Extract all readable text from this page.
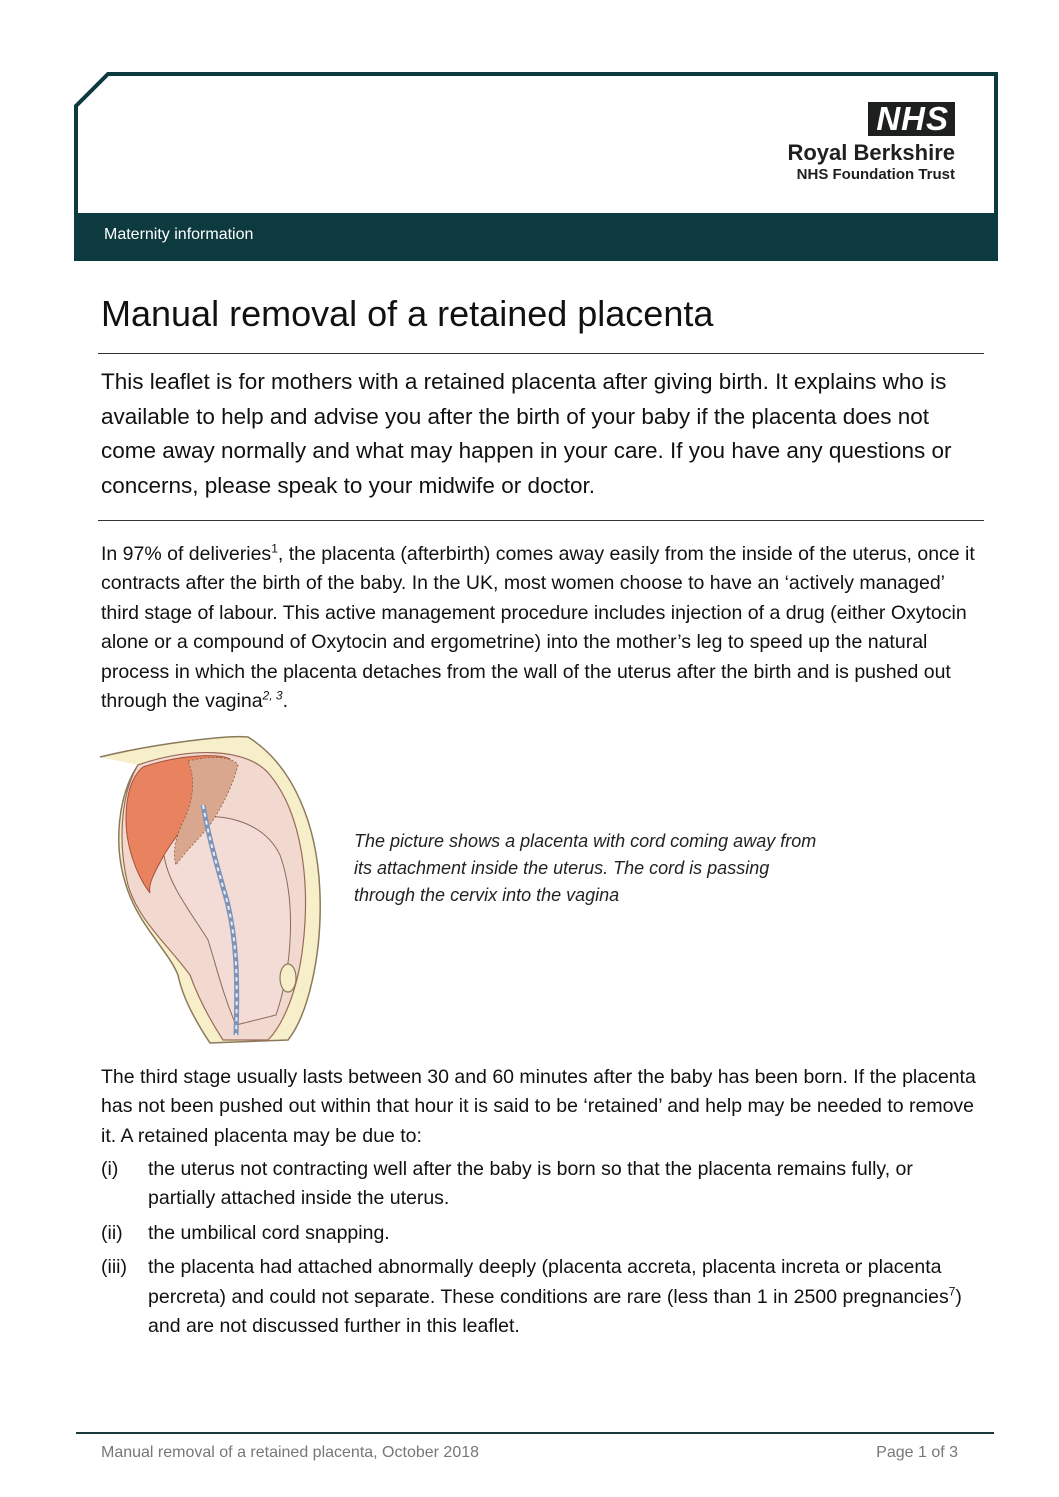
NHS
Royal Berkshire
NHS Foundation Trust
Maternity information
Manual removal of a retained placenta

This leaflet is for mothers with a retained placenta after giving birth. It explains who is available to help and advise you after the birth of your baby if the placenta does not come away normally and what may happen in your care. If you have any questions or concerns, please speak to your midwife or doctor.

In 97% of deliveries$^1$, the placenta (afterbirth) comes away easily from the inside of the uterus, once it contracts after the birth of the baby. In the UK, most women choose to have an ‘actively managed’ third stage of labour. This active management procedure includes injection of a drug (either Oxytocin alone or a compound of Oxytocin and ergometrine) into the mother’s leg to speed up the natural process in which the placenta detaches from the wall of the uterus after the birth and is pushed out through the vagina$^{2, 3}$.

The picture shows a placenta with cord coming away from its attachment inside the uterus. The cord is passing through the cervix into the vagina

The third stage usually lasts between 30 and 60 minutes after the baby has been born. If the placenta has not been pushed out within that hour it is said to be ‘retained’ and help may be needed to remove it. A retained placenta may be due to:

(i) the uterus not contracting well after the baby is born so that the placenta remains fully, or partially attached inside the uterus.
(ii) the umbilical cord snapping.
(iii) the placenta had attached abnormally deeply (placenta accreta, placenta increta or placenta percreta) and could not separate. These conditions are rare (less than 1 in 2500 pregnancies$^7$) and are not discussed further in this leaflet.
Manual removal of a retained placenta, October 2018	Page 1 of 3
